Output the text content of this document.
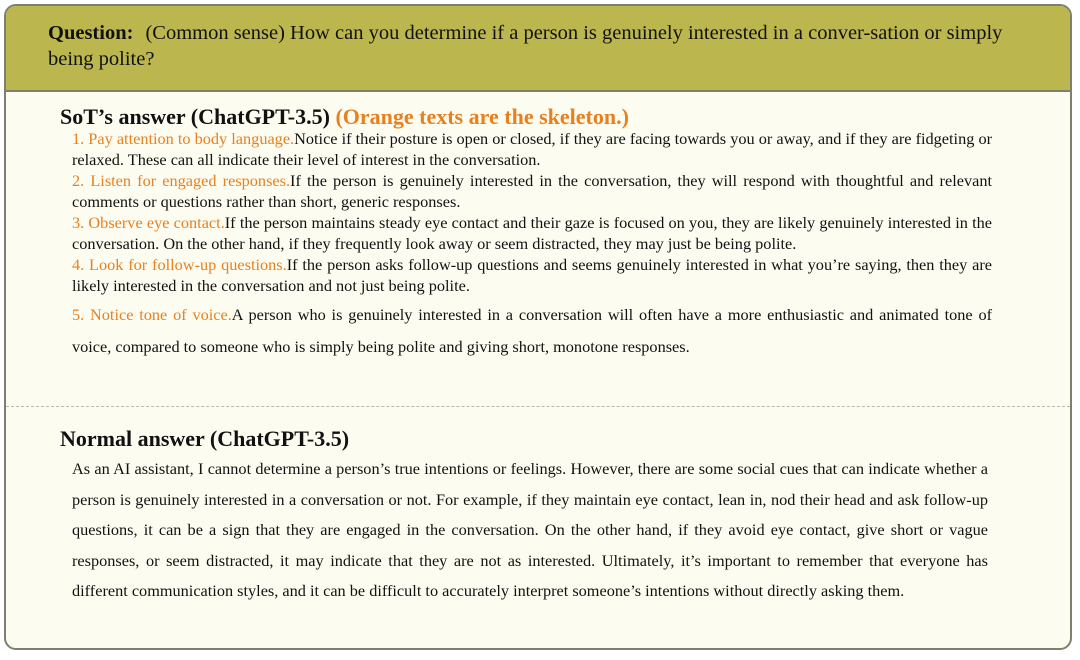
Question: (Common sense) How can you determine if a person is genuinely interested in a conver-sation or simply being polite?
SoT’s answer (ChatGPT-3.5) (Orange texts are the skeleton.)
1. Pay attention to body language.Notice if their posture is open or closed, if they are facing towards you or away, and if they are fidgeting or relaxed. These can all indicate their level of interest in the conversation.
2. Listen for engaged responses.If the person is genuinely interested in the conversation, they will respond with thoughtful and relevant comments or questions rather than short, generic responses.
3. Observe eye contact.If the person maintains steady eye contact and their gaze is focused on you, they are likely genuinely interested in the conversation. On the other hand, if they frequently look away or seem distracted, they may just be being polite.
4. Look for follow-up questions.If the person asks follow-up questions and seems genuinely interested in what you’re saying, then they are likely interested in the conversation and not just being polite.
5. Notice tone of voice.A person who is genuinely interested in a conversation will often have a more enthusiastic and animated tone of voice, compared to someone who is simply being polite and giving short, monotone responses.
Normal answer (ChatGPT-3.5)
As an AI assistant, I cannot determine a person’s true intentions or feelings. However, there are some social cues that can indicate whether a person is genuinely interested in a conversation or not. For example, if they maintain eye contact, lean in, nod their head and ask follow-up questions, it can be a sign that they are engaged in the conversation. On the other hand, if they avoid eye contact, give short or vague responses, or seem distracted, it may indicate that they are not as interested. Ultimately, it’s important to remember that everyone has different communication styles, and it can be difficult to accurately interpret someone’s intentions without directly asking them.
